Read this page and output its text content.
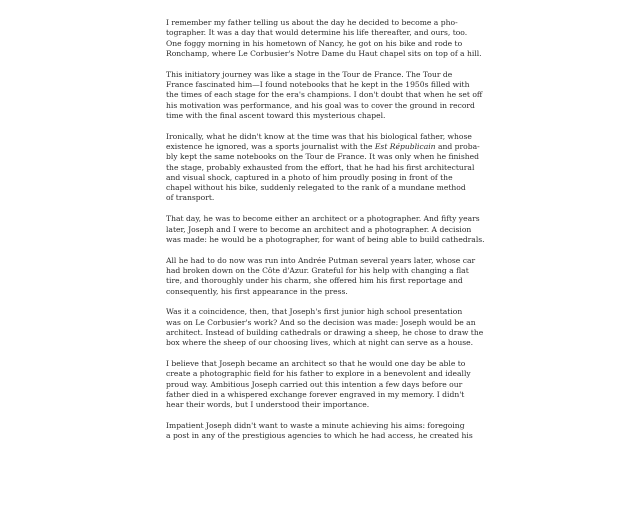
I remember my father telling us about the day he decided to become a pho-
tographer. It was a day that would determine his life thereafter, and ours, too.
One foggy morning in his hometown of Nancy, he got on his bike and rode to
Ronchamp, where Le Corbusier's Notre Dame du Haut chapel sits on top of a hill.

This initiatory journey was like a stage in the Tour de France. The Tour de
France fascinated him—I found notebooks that he kept in the 1950s filled with
the times of each stage for the era's champions. I don't doubt that when he set off
his motivation was performance, and his goal was to cover the ground in record
time with the final ascent toward this mysterious chapel.

Ironically, what he didn't know at the time was that his biological father, whose
existence he ignored, was a sports journalist with the Est Républicain and proba-
bly kept the same notebooks on the Tour de France. It was only when he finished
the stage, probably exhausted from the effort, that he had his first architectural
and visual shock, captured in a photo of him proudly posing in front of the
chapel without his bike, suddenly relegated to the rank of a mundane method
of transport.

That day, he was to become either an architect or a photographer. And fifty years
later, Joseph and I were to become an architect and a photographer. A decision
was made: he would be a photographer, for want of being able to build cathedrals.

All he had to do now was run into Andrée Putman several years later, whose car
had broken down on the Côte d'Azur. Grateful for his help with changing a flat
tire, and thoroughly under his charm, she offered him his first reportage and
consequently, his first appearance in the press.

Was it a coincidence, then, that Joseph's first junior high school presentation
was on Le Corbusier's work? And so the decision was made: Joseph would be an
architect. Instead of building cathedrals or drawing a sheep, he chose to draw the
box where the sheep of our choosing lives, which at night can serve as a house.

I believe that Joseph became an architect so that he would one day be able to
create a photographic field for his father to explore in a benevolent and ideally
proud way. Ambitious Joseph carried out this intention a few days before our
father died in a whispered exchange forever engraved in my memory. I didn't
hear their words, but I understood their importance.

Impatient Joseph didn't want to waste a minute achieving his aims: foregoing
a post in any of the prestigious agencies to which he had access, he created his
